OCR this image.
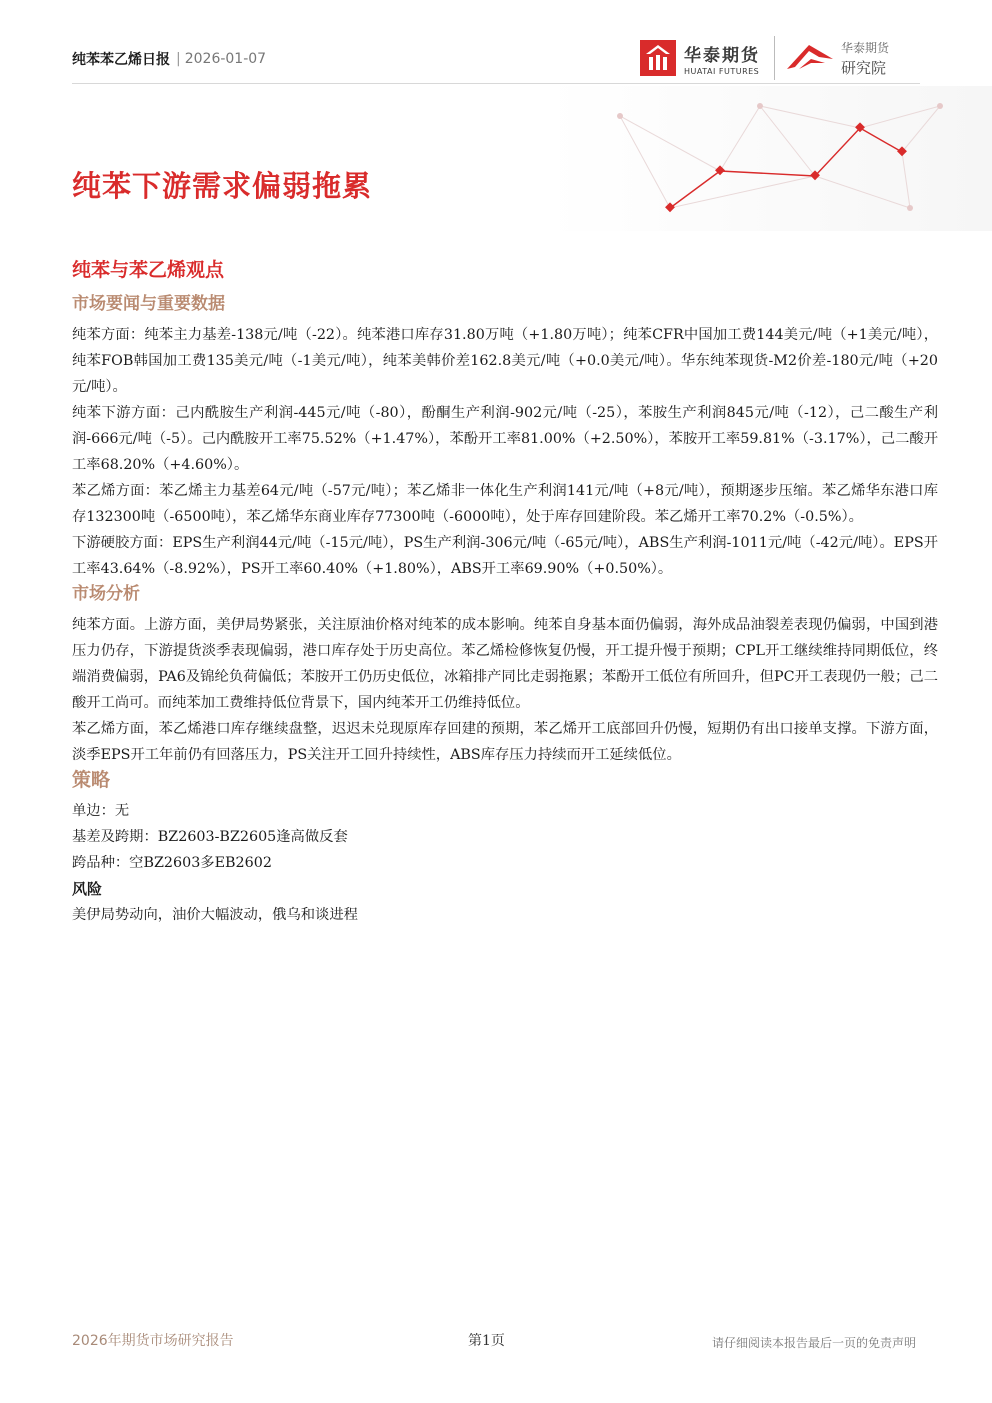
纯苯苯乙烯日报 | 2026-01-07	华泰期货
HUATAI FUTURES
华泰期货
研究院
纯苯下游需求偏弱拖累
纯苯与苯乙烯观点
市场要闻与重要数据

纯苯方面：纯苯主力基差-138元/吨（-22）。纯苯港口库存31.80万吨（+1.80万吨）；纯苯CFR中国加工费144美元/吨（+1美元/吨），纯苯FOB韩国加工费135美元/吨（-1美元/吨），纯苯美韩价差162.8美元/吨（+0.0美元/吨）。华东纯苯现货-M2价差-180元/吨（+20元/吨）。

纯苯下游方面：己内酰胺生产利润-445元/吨（-80），酚酮生产利润-902元/吨（-25），苯胺生产利润845元/吨（-12），己二酸生产利润-666元/吨（-5）。己内酰胺开工率75.52%（+1.47%），苯酚开工率81.00%（+2.50%），苯胺开工率59.81%（-3.17%），己二酸开工率68.20%（+4.60%）。

苯乙烯方面：苯乙烯主力基差64元/吨（-57元/吨）；苯乙烯非一体化生产利润141元/吨（+8元/吨），预期逐步压缩。苯乙烯华东港口库存132300吨（-6500吨），苯乙烯华东商业库存77300吨（-6000吨），处于库存回建阶段。苯乙烯开工率70.2%（-0.5%）。

下游硬胶方面：EPS生产利润44元/吨（-15元/吨），PS生产利润-306元/吨（-65元/吨），ABS生产利润-1011元/吨（-42元/吨）。EPS开工率43.64%（-8.92%），PS开工率60.40%（+1.80%），ABS开工率69.90%（+0.50%）。

市场分析

纯苯方面。上游方面，美伊局势紧张，关注原油价格对纯苯的成本影响。纯苯自身基本面仍偏弱，海外成品油裂差表现仍偏弱，中国到港压力仍存，下游提货淡季表现偏弱，港口库存处于历史高位。苯乙烯检修恢复仍慢，开工提升慢于预期；CPL开工继续维持同期低位，终端消费偏弱，PA6及锦纶负荷偏低；苯胺开工仍历史低位，冰箱排产同比走弱拖累；苯酚开工低位有所回升，但PC开工表现仍一般；己二酸开工尚可。而纯苯加工费维持低位背景下，国内纯苯开工仍维持低位。

苯乙烯方面，苯乙烯港口库存继续盘整，迟迟未兑现原库存回建的预期，苯乙烯开工底部回升仍慢，短期仍有出口接单支撑。下游方面，淡季EPS开工年前仍有回落压力，PS关注开工回升持续性，ABS库存压力持续而开工延续低位。

策略

单边：无

基差及跨期：BZ2603-BZ2605逢高做反套

跨品种：空BZ2603多EB2602

风险

美伊局势动向，油价大幅波动，俄乌和谈进程

2026年期货市场研究报告	第1页	请仔细阅读本报告最后一页的免责声明
